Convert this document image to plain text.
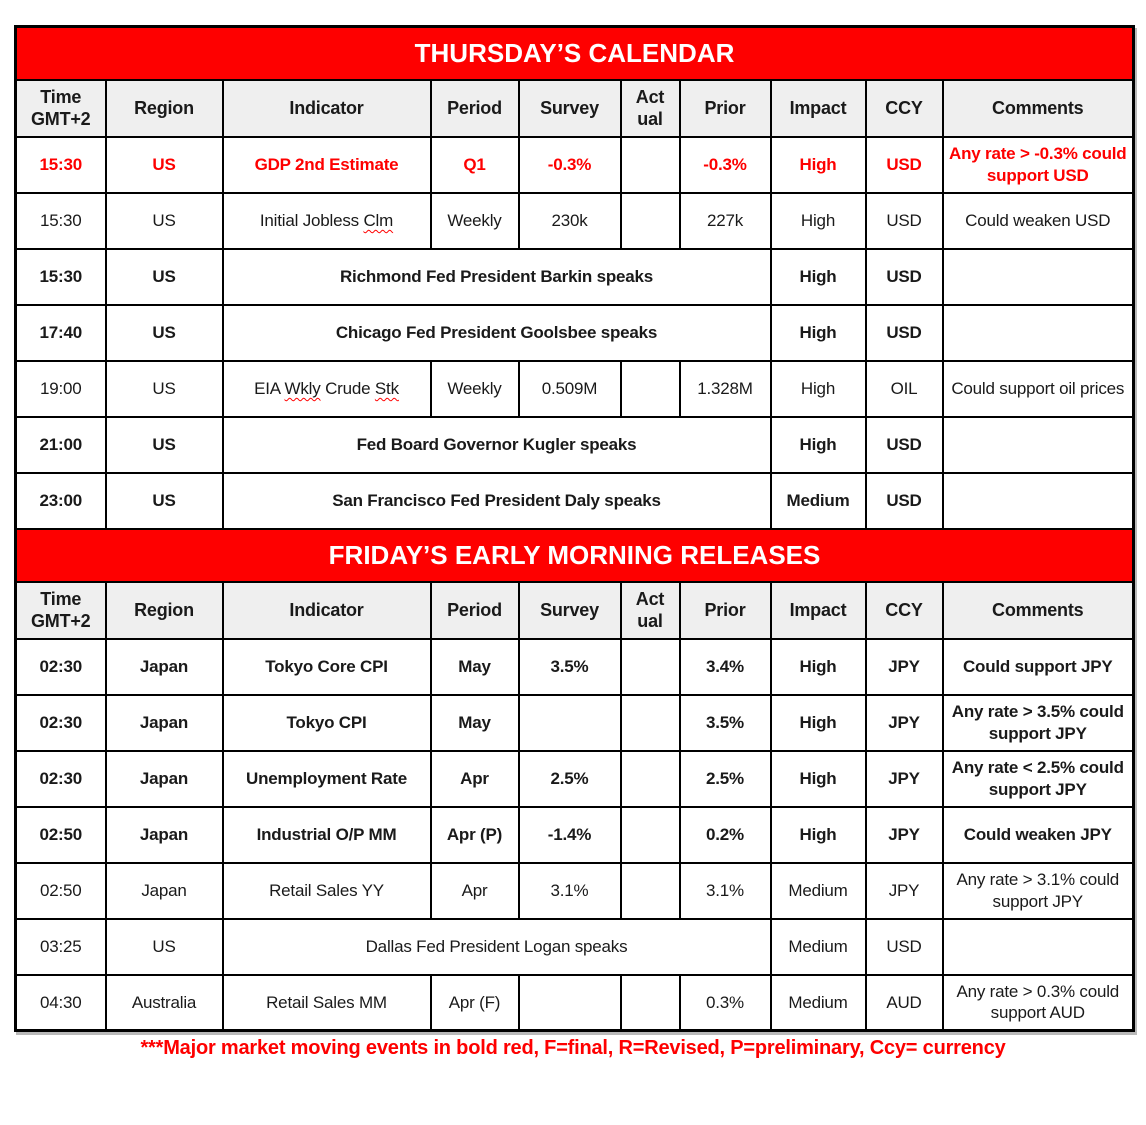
THURSDAY’S CALENDAR									
Time GMT+2	Region	Indicator	Period	Survey	Act ual	Prior	Impact	CCY	Comments
15:30	US	GDP 2nd Estimate	Q1	-0.3%		-0.3%	High	USD	Any rate > -0.3% could support USD
15:30	US	Initial Jobless Clm	Weekly	230k		227k	High	USD	Could weaken USD
15:30	US	Richmond Fed President Barkin speaks					High	USD	
17:40	US	Chicago Fed President Goolsbee speaks					High	USD	
19:00	US	EIA Wkly Crude Stk	Weekly	0.509M		1.328M	High	OIL	Could support oil prices
21:00	US	Fed Board Governor Kugler speaks					High	USD	
23:00	US	San Francisco Fed President Daly speaks					Medium	USD	
FRIDAY’S EARLY MORNING RELEASES									
Time GMT+2	Region	Indicator	Period	Survey	Act ual	Prior	Impact	CCY	Comments
02:30	Japan	Tokyo Core CPI	May	3.5%		3.4%	High	JPY	Could support JPY
02:30	Japan	Tokyo CPI	May			3.5%	High	JPY	Any rate > 3.5% could support JPY
02:30	Japan	Unemployment Rate	Apr	2.5%		2.5%	High	JPY	Any rate < 2.5% could support JPY
02:50	Japan	Industrial O/P MM	Apr (P)	-1.4%		0.2%	High	JPY	Could weaken JPY
02:50	Japan	Retail Sales YY	Apr	3.1%		3.1%	Medium	JPY	Any rate > 3.1% could support JPY
03:25	US	Dallas Fed President Logan speaks					Medium	USD	
04:30	Australia	Retail Sales MM	Apr (F)			0.3%	Medium	AUD	Any rate > 0.3% could support AUD
***Major market moving events in bold red, F=final, R=Revised, P=preliminary, Ccy= currency
